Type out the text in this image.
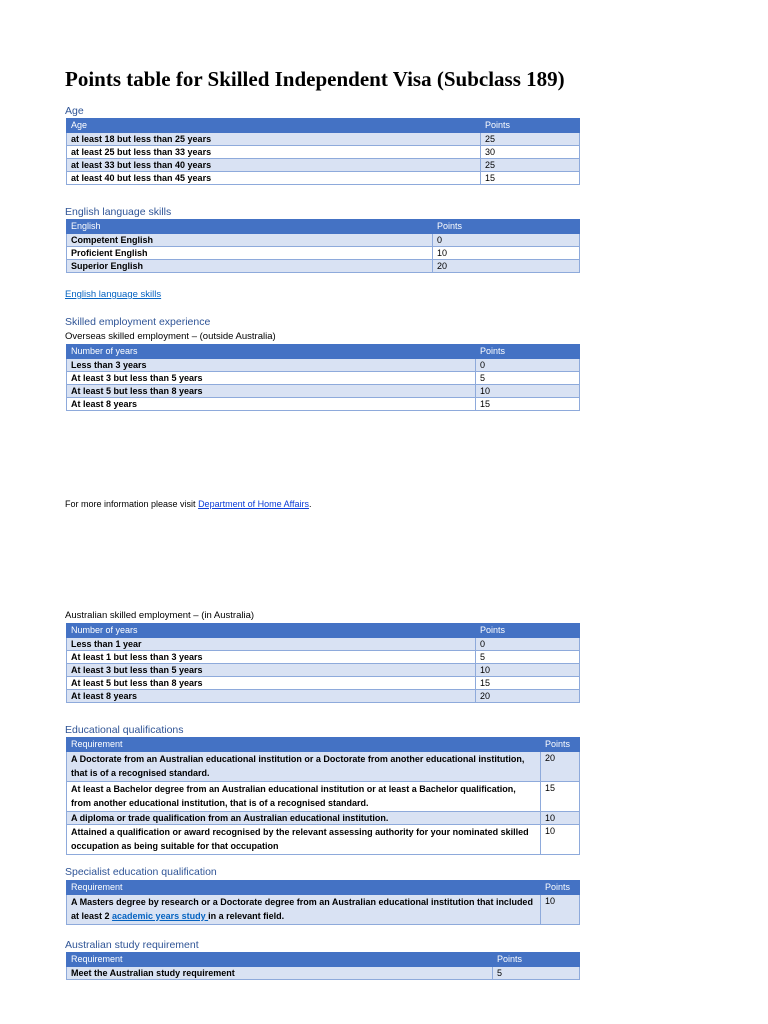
Points table for Skilled Independent Visa (Subclass 189)
Age
Age	Points
at least 18 but less than 25 years	25
at least 25 but less than 33 years	30
at least 33 but less than 40 years	25
at least 40 but less than 45 years	15
English language skills
English	Points
Competent English	0
Proficient English	10
Superior English	20
English language skills
Skilled employment experience
Overseas skilled employment – (outside Australia)
Number of years	Points
Less than 3 years	0
At least 3 but less than 5 years	5
At least 5 but less than 8 years	10
At least 8 years	15
For more information please visit Department of Home Affairs.
Australian skilled employment – (in Australia)
Number of years	Points
Less than 1 year	0
At least 1 but less than 3 years	5
At least 3 but less than 5 years	10
At least 5 but less than 8 years	15
At least 8 years	20
Educational qualifications
Requirement	Points
A Doctorate from an Australian educational institution or a Doctorate from another educational institution, that is of a recognised standard.	20
At least a Bachelor degree from an Australian educational institution or at least a Bachelor qualification, from another educational institution, that is of a recognised standard.	15
A diploma or trade qualification from an Australian educational institution.	10
Attained a qualification or award recognised by the relevant assessing authority for your nominated skilled occupation as being suitable for that occupation	10
Specialist education qualification
Requirement	Points
A Masters degree by research or a Doctorate degree from an Australian educational institution that included at least 2 academic years study in a relevant field.	10
Australian study requirement
Requirement	Points
Meet the Australian study requirement	5
